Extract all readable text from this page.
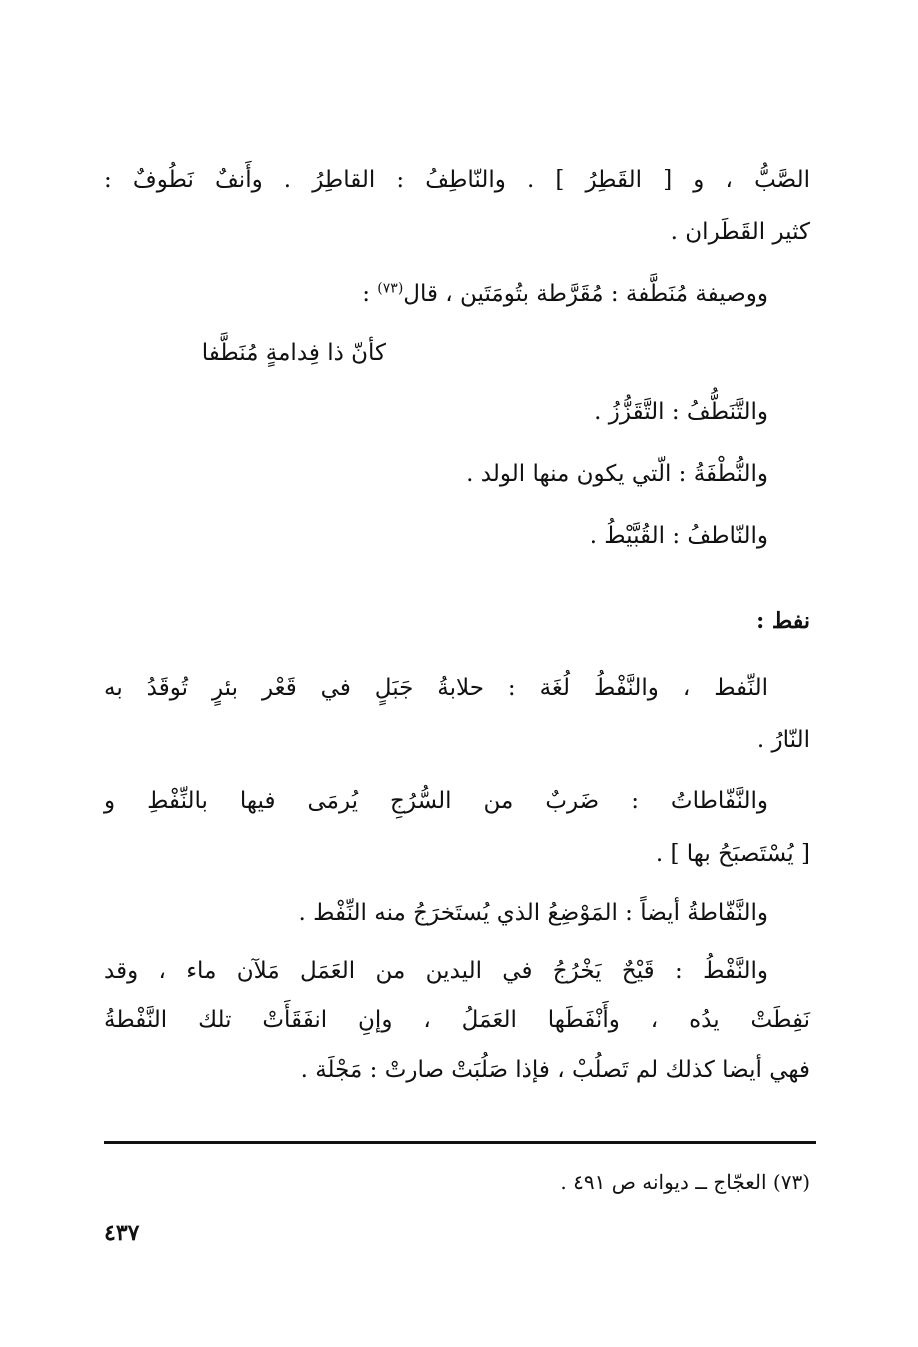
الصَّبُّ ، و [ القَطِرُ ] . والنّاطِفُ : القاطِرُ . وأَنفٌ نَطُوفٌ :
كثير القَطَران .
ووصيفة مُنَطَّفة : مُقَرَّطة بتُومَتَين ، قال$^{(٧٣)}$ :
كأنّ ذا فِدامةٍ مُنَطَّفا
والتَّنَطُّفُ : التَّقَزُّزُ .
والنُّطْفَةُ : الّتي يكون منها الولد .
والنّاطفُ : القُبَّيْطُ .
نفط :
النِّفط ، والنَّفْطُ لُغَة : حلابةُ جَبَلٍ في قَعْر بئرٍ تُوقَدُ به
النّارُ .
والنَّفّاطاتُ : ضَربٌ من السُّرُجِ يُرمَى فيها بالنِّفْطِ و
[ يُسْتَصبَحُ بها ] .
والنَّفّاطةُ أيضاً : المَوْضِعُ الذي يُستَخرَجُ منه النِّفْط .
والنَّفْطُ : قَيْحٌ يَخْرُجُ في اليدين من العَمَل مَلآن ماء ، وقد
نَفِطَتْ يدُه ، وأَنْفَطَها العَمَلُ ، وإنِ انفَقَأَتْ تلك النَّفْطةُ
فهي أيضا كذلك لم تَصلُبْ ، فإذا صَلُبَتْ صارتْ : مَجْلَة .
(٧٣) العجّاج ــ ديوانه ص ٤٩١ .
٤٣٧
